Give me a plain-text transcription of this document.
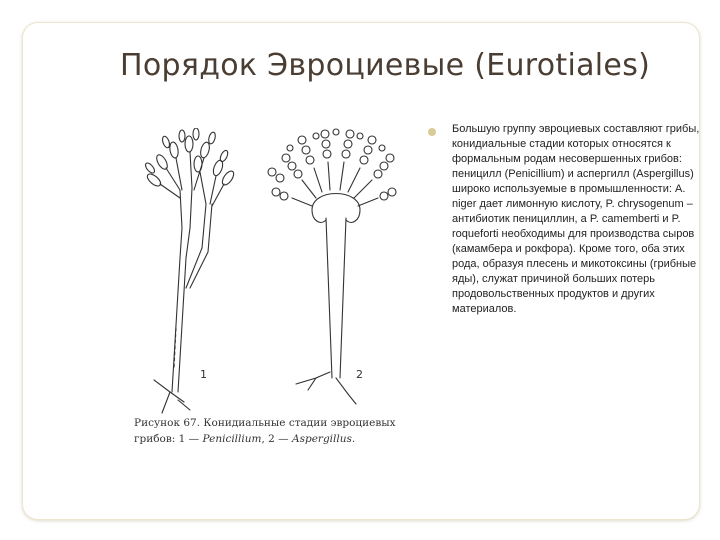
Порядок Эвроциевые (Eurotiales)
1	2
Рисунок 67. Конидиальные стадии эвроциевых
грибов: 1 — Penicillium, 2 — Aspergillus.
Большую группу эвроциевых составляют грибы, конидиальные стадии которых относятся к формальным родам несовершенных грибов: пеницилл (Penicillium) и аспергилл (Aspergillus) широко используемые в промышленности: A. niger дает лимонную кислоту, P. chrysogenum – антибиотик пенициллин, а P. camemberti и P. roqueforti необходимы для производства сыров (камамбера и рокфора). Кроме того, оба этих рода, образуя плесень и микотоксины (грибные яды), служат причиной больших потерь продовольственных продуктов и других материалов.
